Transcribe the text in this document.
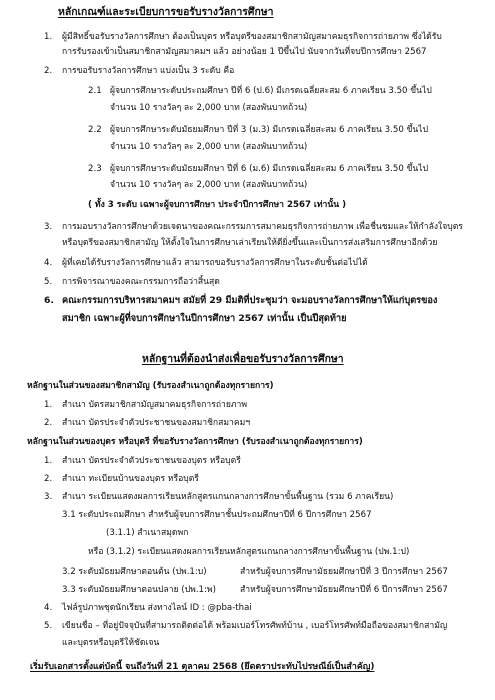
หลักเกณฑ์และระเบียบการขอรับรางวัลการศึกษา
1. ผู้มีสิทธิ์ขอรับรางวัลการศึกษา ต้องเป็นบุตร หรือบุตรีของสมาชิกสามัญสมาคมธุรกิจการถ่ายภาพ ซึ่งได้รับ
การรับรองเข้าเป็นสมาชิกสามัญสมาคมฯ แล้ว อย่างน้อย 1 ปีขึ้นไป นับจากวันที่จบปีการศึกษา 2567
2. การขอรับรางวัลการศึกษา แบ่งเป็น 3 ระดับ คือ
2.1 ผู้จบการศึกษาระดับประถมศึกษา ปีที่ 6 (ป.6) มีเกรดเฉลี่ยสะสม 6 ภาคเรียน 3.50 ขึ้นไป
จำนวน 10 รางวัลๆ ละ 2,000 บาท (สองพันบาทถ้วน)
2.2 ผู้จบการศึกษาระดับมัธยมศึกษา ปีที่ 3 (ม.3) มีเกรดเฉลี่ยสะสม 6 ภาคเรียน 3.50 ขึ้นไป
จำนวน 10 รางวัลๆ ละ 2,000 บาท (สองพันบาทถ้วน)
2.3 ผู้จบการศึกษาระดับมัธยมศึกษา ปีที่ 6 (ม.6) มีเกรดเฉลี่ยสะสม 6 ภาคเรียน 3.50 ขึ้นไป
จำนวน 10 รางวัลๆ ละ 2,000 บาท (สองพันบาทถ้วน)
( ทั้ง 3 ระดับ เฉพาะผู้จบการศึกษา ประจำปีการศึกษา 2567 เท่านั้น )
3. การมอบรางวัลการศึกษาด้วยเจตนาของคณะกรรมการสมาคมธุรกิจการถ่ายภาพ เพื่อชื่นชมและให้กำลังใจบุตร
หรือบุตรีของสมาชิกสามัญ ให้ตั้งใจในการศึกษาเล่าเรียนให้ดียิ่งขึ้นและเป็นการส่งเสริมการศึกษาอีกด้วย
4. ผู้ที่เคยได้รับรางวัลการศึกษาแล้ว สามารถขอรับรางวัลการศึกษาในระดับชั้นต่อไปได้
5. การพิจารณาของคณะกรรมการถือว่าสิ้นสุด
6. คณะกรรมการบริหารสมาคมฯ สมัยที่ 29 มีมติที่ประชุมว่า จะมอบรางวัลการศึกษาให้แก่บุตรของ
สมาชิก เฉพาะผู้ที่จบการศึกษาในปีการศึกษา 2567 เท่านั้น เป็นปีสุดท้าย
หลักฐานที่ต้องนำส่งเพื่อขอรับรางวัลการศึกษา
หลักฐานในส่วนของสมาชิกสามัญ (รับรองสำเนาถูกต้องทุกรายการ)
1. สำเนา บัตรสมาชิกสามัญสมาคมธุรกิจการถ่ายภาพ
2. สำเนา บัตรประจำตัวประชาชนของสมาชิกสมาคมฯ
หลักฐานในส่วนของบุตร หรือบุตรี ที่ขอรับรางวัลการศึกษา (รับรองสำเนาถูกต้องทุกรายการ)
1. สำเนา บัตรประจำตัวประชาชนของบุตร หรือบุตรี
2. สำเนา ทะเบียนบ้านของบุตร หรือบุตรี
3. สำเนา ระเบียนแสดงผลการเรียนหลักสูตรแกนกลางการศึกษาขั้นพื้นฐาน (รวม 6 ภาคเรียน)
3.1 ระดับประถมศึกษา สำหรับผู้จบการศึกษาชั้นประถมศึกษาปีที่ 6 ปีการศึกษา 2567
(3.1.1) สำเนาสมุดพก
หรือ (3.1.2) ระเบียนแสดงผลการเรียนหลักสูตรแกนกลางการศึกษาขั้นพื้นฐาน (ปพ.1:ป)
3.2 ระดับมัธยมศึกษาตอนต้น (ปพ.1:บ)	สำหรับผู้จบการศึกษามัธยมศึกษาปีที่ 3 ปีการศึกษา 2567
3.3 ระดับมัธยมศึกษาตอนปลาย (ปพ.1:พ)	สำหรับผู้จบการศึกษามัธยมศึกษาปีที่ 6 ปีการศึกษา 2567
4. ไฟล์รูปภาพชุดนักเรียน ส่งทางไลน์ ID : @pba-thai
5. เขียนชื่อ – ที่อยู่ปัจจุบันที่สามารถติดต่อได้ พร้อมเบอร์โทรศัพท์บ้าน , เบอร์โทรศัพท์มือถือของสมาชิกสามัญ
และบุตรหรือบุตรีให้ชัดเจน
เริ่มรับเอกสารตั้งแต่บัดนี้ จนถึงวันที่ 21 ตุลาคม 2568 (ยึดตราประทับไปรษณีย์เป็นสำคัญ)
